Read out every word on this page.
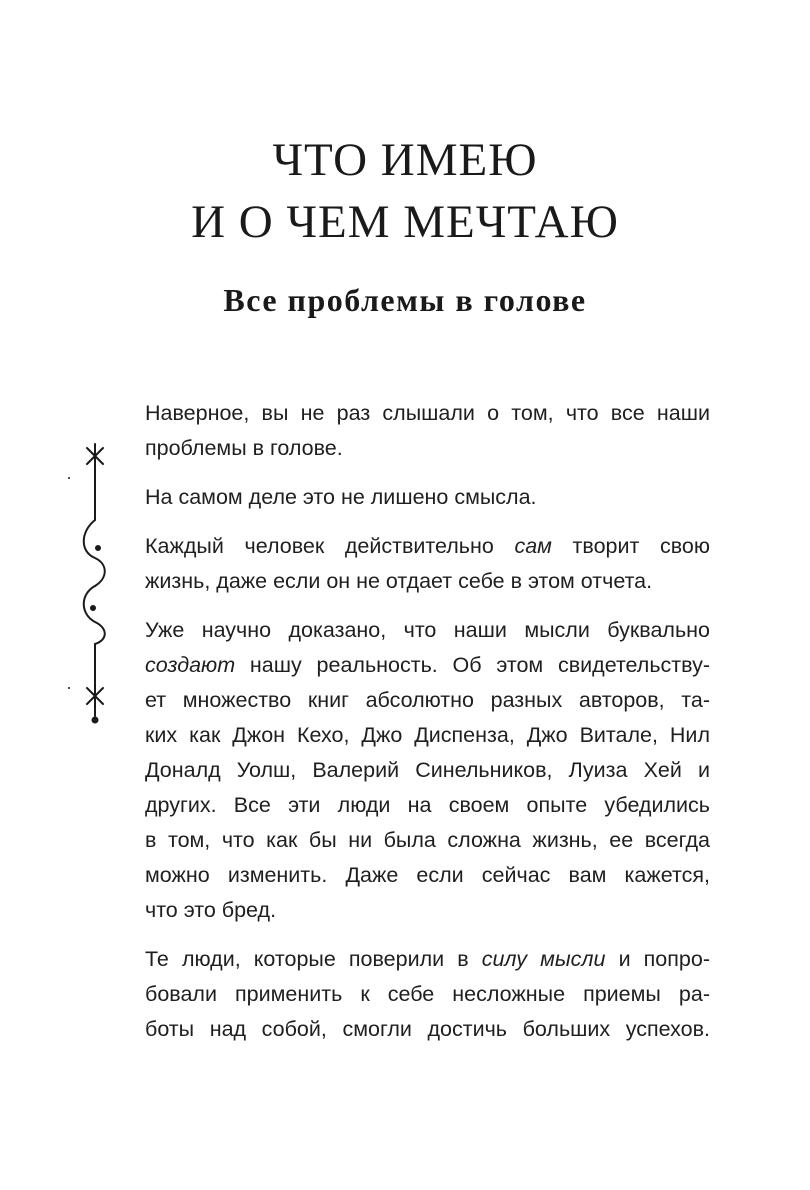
ЧТО ИМЕЮ
И О ЧЕМ МЕЧТАЮ
Все проблемы в голове

Наверное, вы не раз слышали о том, что все наши
проблемы в голове.

На самом деле это не лишено смысла.

Каждый человек действительно сам творит свою
жизнь, даже если он не отдает себе в этом отчета.

Уже научно доказано, что наши мысли буквально
создают нашу реальность. Об этом свидетельству-
ет множество книг абсолютно разных авторов, та-
ких как Джон Кехо, Джо Диспенза, Джо Витале, Нил
Доналд Уолш, Валерий Синельников, Луиза Хей и
других. Все эти люди на своем опыте убедились
в том, что как бы ни была сложна жизнь, ее всегда
можно изменить. Даже если сейчас вам кажется,
что это бред.

Те люди, которые поверили в силу мысли и попро-
бовали применить к себе несложные приемы ра-
боты над собой, смогли достичь больших успехов.
